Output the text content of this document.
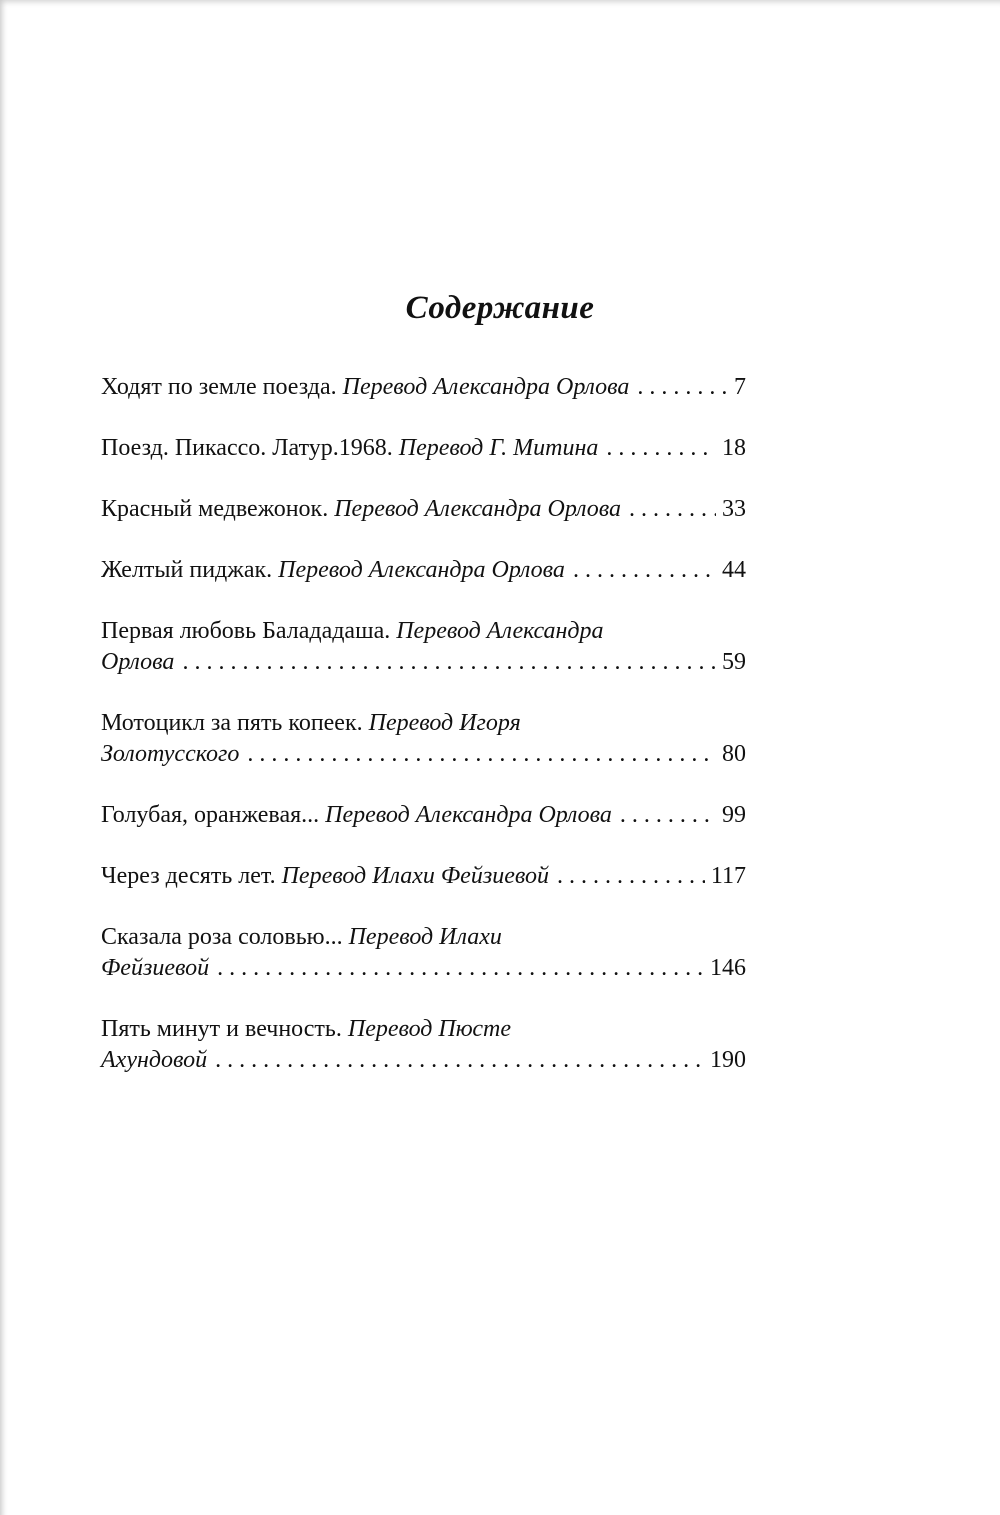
Содержание
Ходят по земле поезда.
Перевод Александра Орлова . . .	7
Поезд. Пикассо. Латур.1968.
Перевод Г. Митина . . .	18
Красный медвежонок.
Перевод Александра Орлова . . .	33
Желтый пиджак.
Перевод Александра Орлова . . .	44
Первая любовь Балададаша.
Перевод Александра
Орлова . . .	59
Мотоцикл за пять копеек.
Перевод Игоря
Золотусского . . .	80
Голубая, оранжевая...
Перевод Александра Орлова . . .	99
Через десять лет.
Перевод Илахи Фейзиевой . . .	117
Сказала роза соловью...
Перевод Илахи
Фейзиевой . . .	146
Пять минут и вечность.
Перевод Пюсте
Ахундовой . . .	190
